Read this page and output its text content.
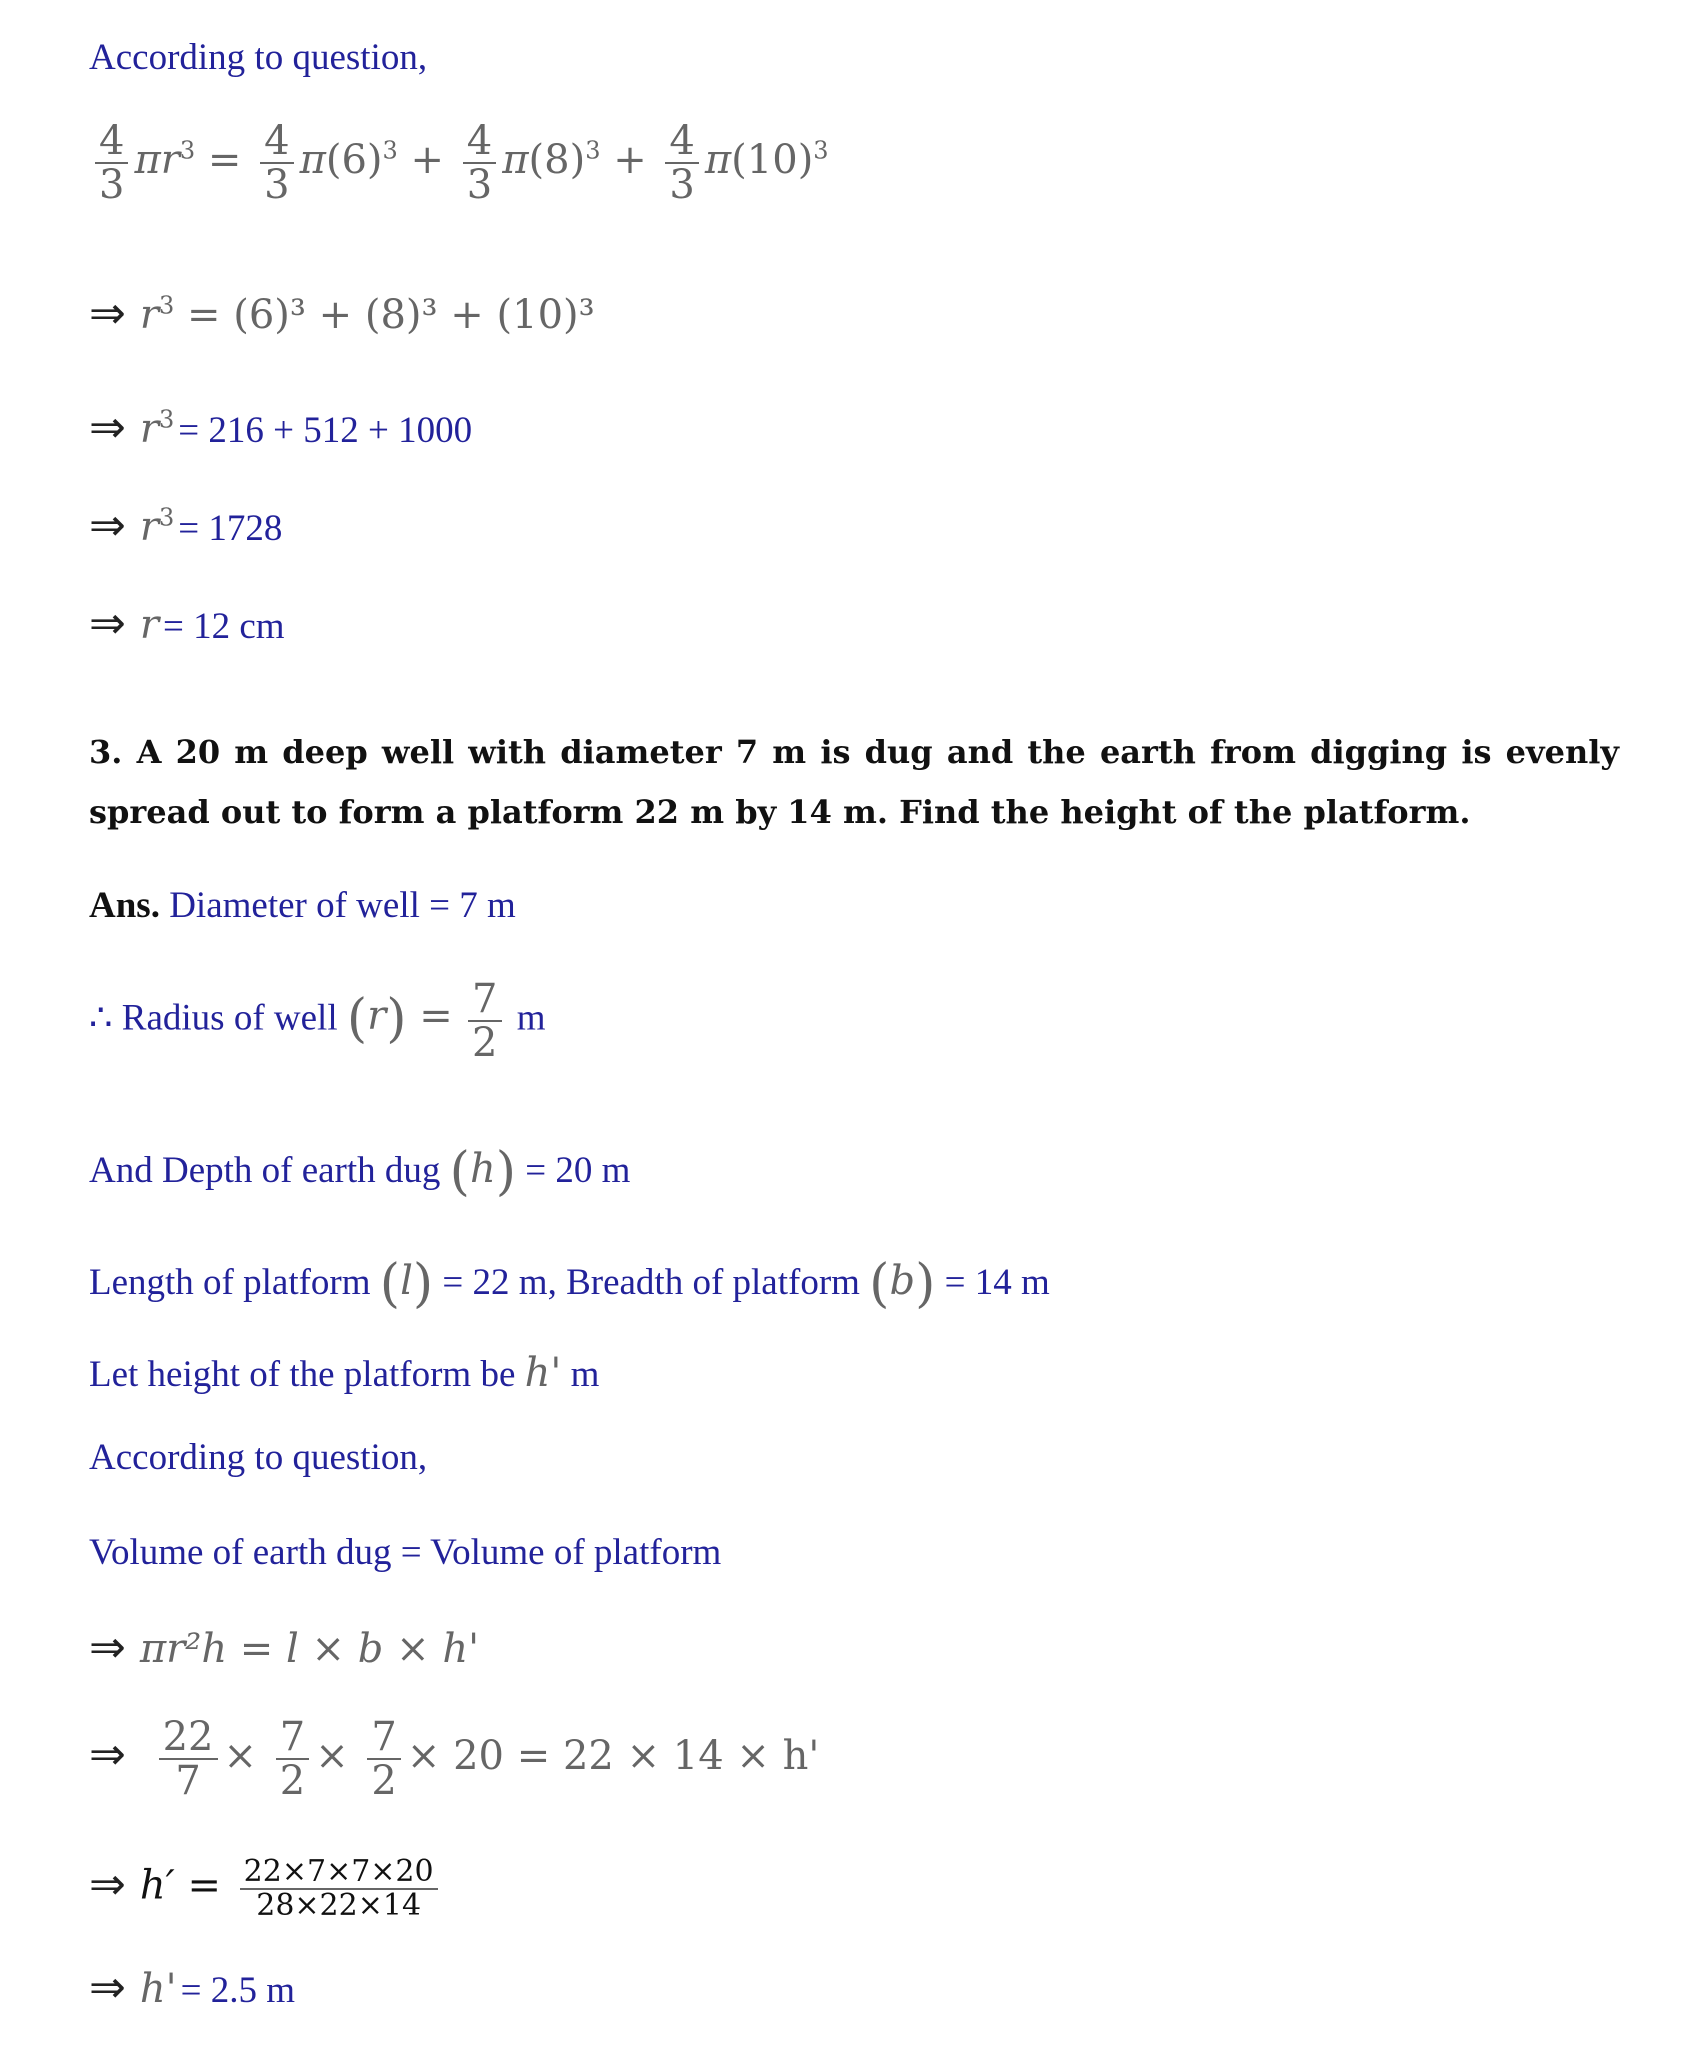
According to question,
$\frac{4}{3} \pi r^3 = \frac{4}{3} \pi(6)^3 + \frac{4}{3} \pi(8)^3 + \frac{4}{3} \pi(10)^3$
⇒ $r^3 = (6)^3 + (8)^3 + (10)^3$
⇒ $r^3 = 216 + 512 + 1000$
⇒ $r^3 = 1728$
⇒ r = 12 cm
3. A 20 m deep well with diameter 7 m is dug and the earth from digging is evenly spread out to form a platform 22 m by 14 m. Find the height of the platform.
Ans. Diameter of well = 7 m
∴ Radius of well $(r) = \frac{7}{2}$ m
And Depth of earth dug (h) = 20 m
Length of platform (l) = 22 m, Breadth of platform (b) = 14 m
Let height of the platform be h' m
According to question,
Volume of earth dug = Volume of platform
⇒ πr²h = l × b × h'
⇒ $\frac{22}{7} \times \frac{7}{2} \times \frac{7}{2} \times 20 = 22 \times 14 \times h'$
⇒ $h' = \frac{22\times 7\times 7\times 20}{28\times 22\times 14}$
⇒ h' = 2.5 m
